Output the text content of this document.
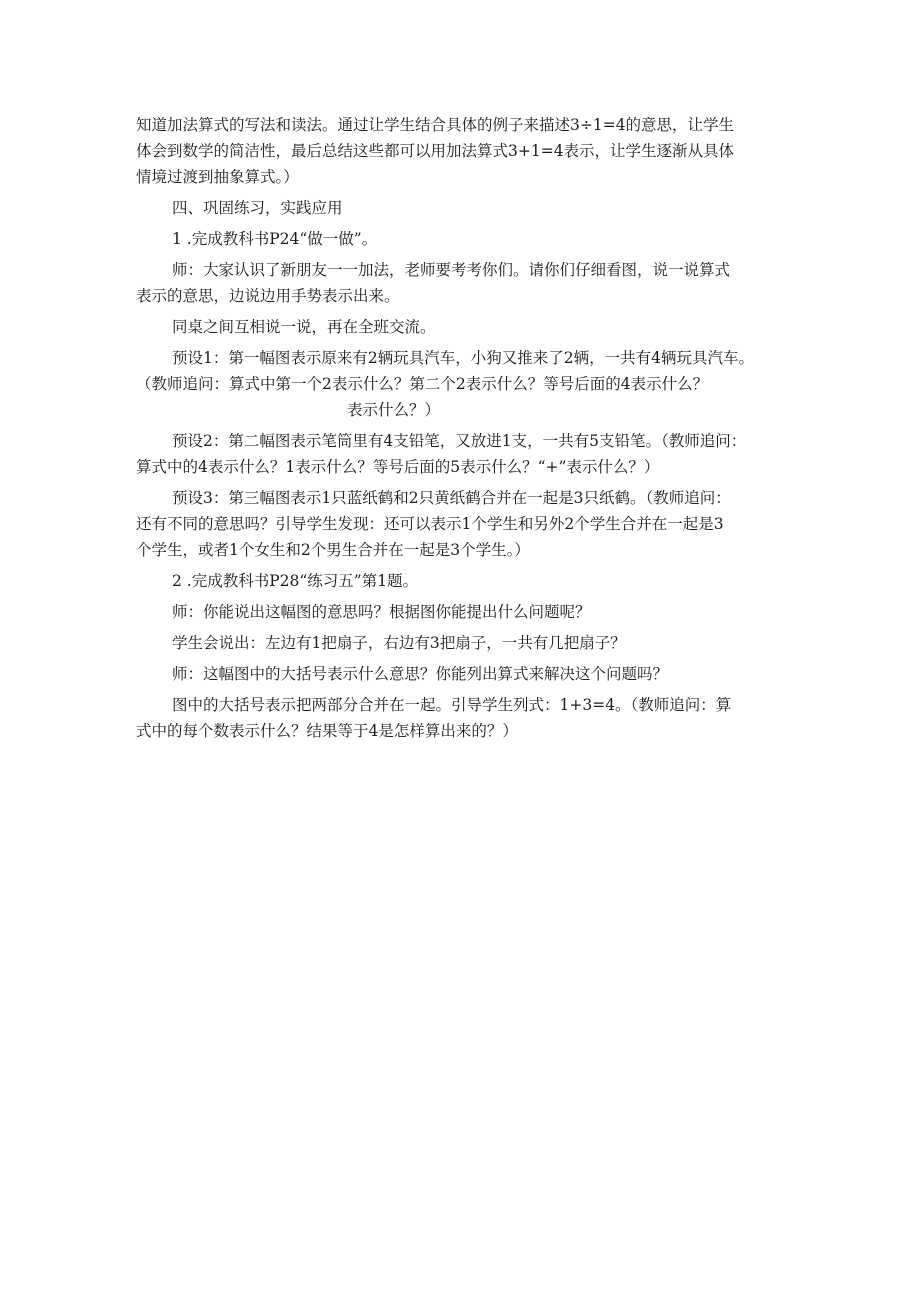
知道加法算式的写法和读法。通过让学生结合具体的例子来描述3÷1=4的意思，让学生
体会到数学的简洁性，最后总结这些都可以用加法算式3+1=4表示，让学生逐渐从具体
情境过渡到抽象算式。）
四、巩固练习，实践应用
1 .完成教科书P24“做一做”。
师：大家认识了新朋友一一加法，老师要考考你们。请你们仔细看图，说一说算式
表示的意思，边说边用手势表示出来。
同桌之间互相说一说，再在全班交流。
预设1：第一幅图表示原来有2辆玩具汽车，小狗又推来了2辆，一共有4辆玩具汽车。
（教师追问：算式中第一个2表示什么？第二个2表示什么？等号后面的4表示什么？
表示什么？）
预设2：第二幅图表示笔筒里有4支铅笔，又放进1支，一共有5支铅笔。（教师追问：
算式中的4表示什么？1表示什么？等号后面的5表示什么？“+”表示什么？）
预设3：第三幅图表示1只蓝纸鹤和2只黄纸鹤合并在一起是3只纸鹤。（教师追问：
还有不同的意思吗？引导学生发现：还可以表示1个学生和另外2个学生合并在一起是3
个学生，或者1个女生和2个男生合并在一起是3个学生。）
2 .完成教科书P28“练习五”第1题。
师：你能说出这幅图的意思吗？根据图你能提出什么问题呢？
学生会说出：左边有1把扇子，右边有3把扇子，一共有几把扇子？
师：这幅图中的大括号表示什么意思？你能列出算式来解决这个问题吗？
图中的大括号表示把两部分合并在一起。引导学生列式：1+3=4。（教师追问：算
式中的每个数表示什么？结果等于4是怎样算出来的？）
